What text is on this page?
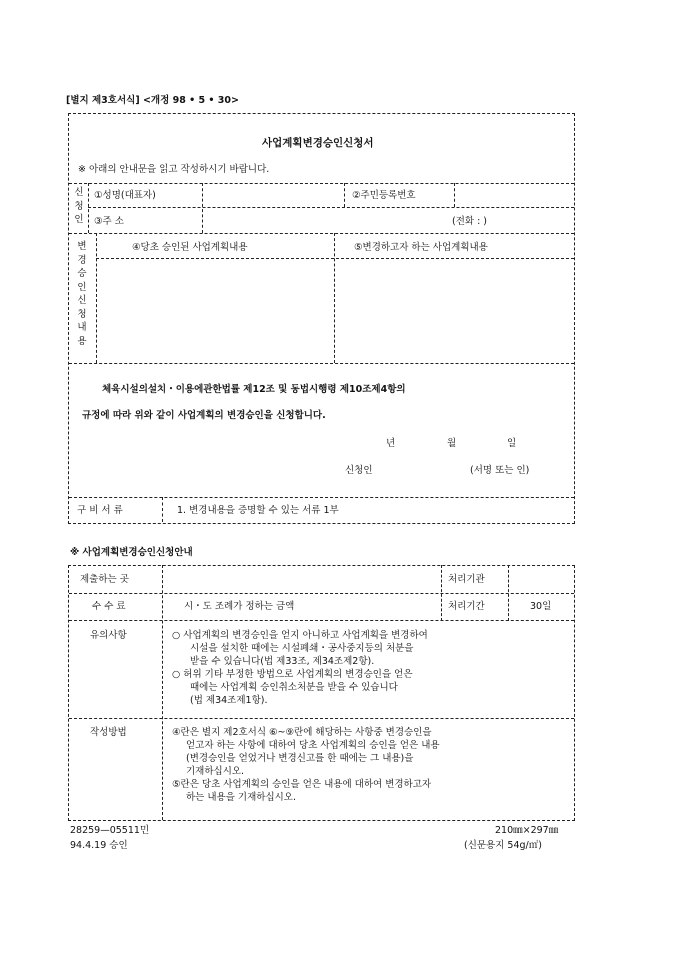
[별지 제3호서식] <개정 98 • 5 • 30>
사업계획변경승인신청서
※ 아래의 안내문을 읽고 작성하시기 바랍니다.
신
청
인
①성명(대표자)	②주민등록번호
③주 소	(전화 : )
변
경
승
인
신
청
내
용
④당초 승인된 사업계획내용	⑤변경하고자 하는 사업계획내용
체육시설의설치・이용에관한법률 제12조 및 동법시행령 제10조제4항의
규정에 따라 위와 같이 사업계획의 변경승인을 신청합니다.
년	월	일
신청인	(서명 또는 인)
구 비 서 류	1. 변경내용을 증명할 수 있는 서류 1부
※ 사업계획변경승인신청안내
제출하는 곳	처리기관
수 수 료	시・도 조례가 정하는 금액	처리기간	30일
유의사항	○ 사업계획의 변경승인을 얻지 아니하고 사업계획을 변경하여
시설을 설치한 때에는 시설폐쇄・공사중지등의 처분을
받을 수 있습니다(법 제33조, 제34조제2항).
○ 허위 기타 부정한 방법으로 사업계획의 변경승인을 얻은
때에는 사업계획 승인취소처분을 받을 수 있습니다
(법 제34조제1항).
작성방법	④란은 별지 제2호서식 ⑥~⑨란에 해당하는 사항중 변경승인을
얻고자 하는 사항에 대하여 당초 사업계획의 승인을 얻은 내용
(변경승인을 얻었거나 변경신고를 한 때에는 그 내용)을
기재하십시오.
⑤란은 당초 사업계획의 승인을 얻은 내용에 대하여 변경하고자
하는 내용을 기재하십시오.
28259—05511민
94.4.19 승인
210㎜×297㎜
(신문용지 54g/㎡)
